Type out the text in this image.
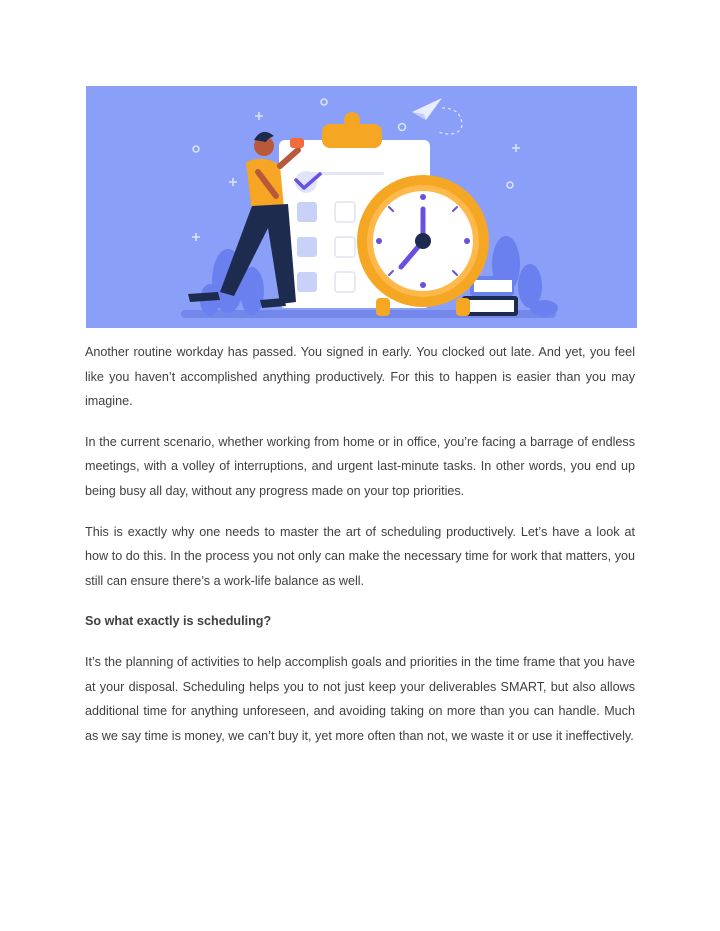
Another routine workday has passed. You signed in early. You clocked out late. And yet, you feel like you haven’t accomplished anything productively. For this to happen is easier than you may imagine.

In the current scenario, whether working from home or in office, you’re facing a barrage of endless meetings, with a volley of interruptions, and urgent last-minute tasks. In other words, you end up being busy all day, without any progress made on your top priorities.

This is exactly why one needs to master the art of scheduling productively. Let’s have a look at how to do this. In the process you not only can make the necessary time for work that matters, you still can ensure there’s a work-life balance as well.

So what exactly is scheduling?

It’s the planning of activities to help accomplish goals and priorities in the time frame that you have at your disposal. Scheduling helps you to not just keep your deliverables SMART, but also allows additional time for anything unforeseen, and avoiding taking on more than you can handle. Much as we say time is money, we can’t buy it, yet more often than not, we waste it or use it ineffectively.
